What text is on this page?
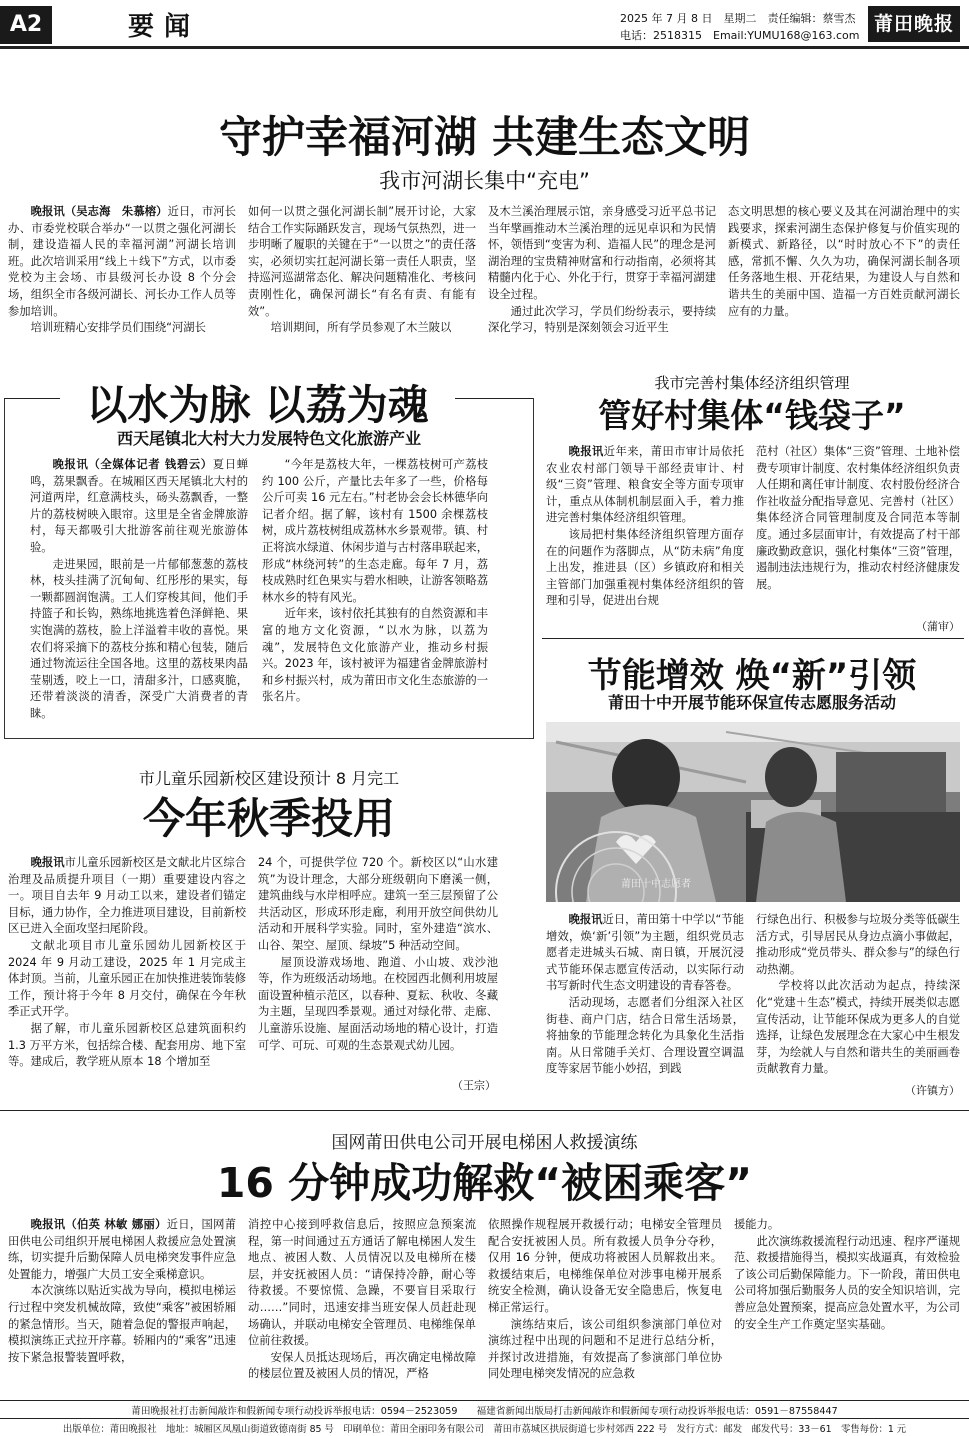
A2	要闻	2025 年 7 月 8 日　星期二　责任编辑：蔡雪杰
电话：2518315　Email:YUMU168@163.com
莆田晚报
守护幸福河湖 共建生态文明
我市河湖长集中“充电”

晚报讯（吴志海　朱慕榕）近日，市河长办、市委党校联合举办“一以贯之强化河湖长制，建设造福人民的幸福河湖”河湖长培训班。此次培训采用“线上＋线下”方式，以市委党校为主会场、市县级河长办设 8 个分会场，组织全市各级河湖长、河长办工作人员等参加培训。

培训班精心安排学员们围绕“河湖长

如何一以贯之强化河湖长制”展开讨论，大家结合工作实际踊跃发言，现场气氛热烈，进一步明晰了履职的关键在于“一以贯之”的责任落实，必须切实扛起河湖长第一责任人职责，坚持巡河巡湖常态化、解决问题精准化、考核问责刚性化，确保河湖长“有名有责、有能有效”。

培训期间，所有学员参观了木兰陂以

及木兰溪治理展示馆，亲身感受习近平总书记当年擘画推动木兰溪治理的远见卓识和为民情怀，领悟到“变害为利、造福人民”的理念是河湖治理的宝贵精神财富和行动指南，必须将其精髓内化于心、外化于行，贯穿于幸福河湖建设全过程。

通过此次学习，学员们纷纷表示，要持续深化学习，特别是深刻领会习近平生

态文明思想的核心要义及其在河湖治理中的实践要求，探索河湖生态保护修复与价值实现的新模式、新路径，以“时时放心不下”的责任感，常抓不懈、久久为功，确保河湖长制各项任务落地生根、开花结果，为建设人与自然和谐共生的美丽中国、造福一方百姓贡献河湖长应有的力量。

以水为脉 以荔为魂
西天尾镇北大村大力发展特色文化旅游产业

晚报讯（全媒体记者 钱碧云）夏日蝉鸣，荔果飘香。在城厢区西天尾镇北大村的河道两岸，红意满枝头，砀头荔飘香，一整片的荔枝树映入眼帘。这里是全省金牌旅游村，每天都吸引大批游客前往观光旅游体验。

走进果园，眼前是一片郁郁葱葱的荔枝林，枝头挂满了沉甸甸、红彤彤的果实，每一颗都圆润饱满。工人们穿梭其间，他们手持篮子和长钩，熟练地挑选着色泽鲜艳、果实饱满的荔枝，脸上洋溢着丰收的喜悦。果农们将采摘下的荔枝分拣和精心包装，随后通过物流运往全国各地。这里的荔枝果肉晶莹剔透，咬上一口，清甜多汁，口感爽脆，还带着淡淡的清香，深受广大消费者的青睐。

“今年是荔枝大年，一棵荔枝树可产荔枝约 100 公斤，产量比去年多了一些，价格每公斤可卖 16 元左右。”村老协会会长林德华向记者介绍。据了解，该村有 1500 余棵荔枝树，成片荔枝树组成荔林水乡景观带。镇、村正将滨水绿道、休闲步道与古村落串联起来，形成“林绕河转”的生态走廊。每年 7 月，荔枝成熟时红色果实与碧水相映，让游客领略荔林水乡的特有风光。

近年来，该村依托其独有的自然资源和丰富的地方文化资源，“以水为脉，以荔为魂”，发展特色文化旅游产业，推动乡村振兴。2023 年，该村被评为福建省金牌旅游村和乡村振兴村，成为莆田市文化生态旅游的一张名片。

我市完善村集体经济组织管理
管好村集体“钱袋子”

晚报讯近年来，莆田市审计局依托农业农村部门领导干部经责审计、村级“三资”管理、粮食安全等方面专项审计，重点从体制机制层面入手，着力推进完善村集体经济组织管理。

该局把村集体经济组织管理方面存在的问题作为落脚点，从“防未病”角度上出发，推进县（区）乡镇政府和相关主管部门加强重视村集体经济组织的管理和引导，促进出台规

范村（社区）集体“三资”管理、土地补偿费专项审计制度、农村集体经济组织负责人任期和离任审计制度、农村股份经济合作社收益分配指导意见、完善村（社区）集体经济合同管理制度及合同范本等制度。通过多层面审计，有效提高了村干部廉政勤政意识，强化村集体“三资”管理，遏制违法违规行为，推动农村经济健康发展。

（蒲审）
节能增效 焕“新”引领
莆田十中开展节能环保宣传志愿服务活动
莆田十中志愿者

晚报讯近日，莆田第十中学以“节能增效，焕‘新’引领”为主题，组织党员志愿者走进城头石城、南日镇，开展沉浸式节能环保志愿宣传活动，以实际行动书写新时代生态文明建设的青春答卷。

活动现场，志愿者们分组深入社区街巷、商户门店，结合日常生活场景，将抽象的节能理念转化为具象化生活指南。从日常随手关灯、合理设置空调温度等家居节能小妙招，到践

行绿色出行、积极参与垃圾分类等低碳生活方式，引导居民从身边点滴小事做起，推动形成“党员带头、群众参与”的绿色行动热潮。

学校将以此次活动为起点，持续深化“党建＋生态”模式，持续开展类似志愿宣传活动，让节能环保成为更多人的自觉选择，让绿色发展理念在大家心中生根发芽，为绘就人与自然和谐共生的美丽画卷贡献教育力量。

（许镇方）
市儿童乐园新校区建设预计 8 月完工
今年秋季投用

晚报讯市儿童乐园新校区是文献北片区综合治理及品质提升项目（一期）重要建设内容之一。项目自去年 9 月动工以来，建设者们锚定目标，通力协作，全力推进项目建设，目前新校区已进入全面攻坚扫尾阶段。

文献北项目市儿童乐园幼儿园新校区于 2024 年 9 月动工建设，2025 年 1 月完成主体封顶。当前，儿童乐园正在加快推进装饰装修工作，预计将于今年 8 月交付，确保在今年秋季正式开学。

据了解，市儿童乐园新校区总建筑面积约 1.3 万平方米，包括综合楼、配套用房、地下室等。建成后，教学班从原本 18 个增加至

24 个，可提供学位 720 个。新校区以“山水建筑”为设计理念，大部分班级朝向下磨溪一侧，建筑曲线与水岸相呼应。建筑一至三层预留了公共活动区，形成环形走廊，利用开放空间供幼儿活动和开展科学实验。同时，室外建造“滨水、山谷、架空、屋顶、绿坡”5 种活动空间。

屋顶设游戏场地、跑道、小山坡、戏沙池等，作为班级活动场地。在校园西北侧利用坡屋面设置种植示范区，以春种、夏耘、秋收、冬藏为主题，呈现四季景观。通过对绿化带、走廊、儿童游乐设施、屋面活动场地的精心设计，打造可学、可玩、可观的生态景观式幼儿园。

（王宗）
国网莆田供电公司开展电梯困人救援演练
16 分钟成功解救“被困乘客”

晚报讯（伯英 林敏 娜丽）近日，国网莆田供电公司组织开展电梯困人救援应急处置演练，切实提升后勤保障人员电梯突发事件应急处置能力，增强广大员工安全乘梯意识。

本次演练以贴近实战为导向，模拟电梯运行过程中突发机械故障，致使“乘客”被困轿厢的紧急情形。当天，随着急促的警报声响起，模拟演练正式拉开序幕。轿厢内的“乘客”迅速按下紧急报警装置呼救，

消控中心接到呼救信息后，按照应急预案流程，第一时间通过五方通话了解电梯困人发生地点、被困人数、人员情况以及电梯所在楼层，并安抚被困人员：“请保持冷静，耐心等待救援。不要惊慌、急躁，不要盲目采取行动……”同时，迅速安排当班安保人员赶赴现场确认，并联动电梯安全管理员、电梯维保单位前往救援。

安保人员抵达现场后，再次确定电梯故障的楼层位置及被困人员的情况，严格

依照操作规程展开救援行动；电梯安全管理员配合安抚被困人员。所有救援人员争分夺秒，仅用 16 分钟，便成功将被困人员解救出来。救援结束后，电梯维保单位对涉事电梯开展系统安全检测，确认设备无安全隐患后，恢复电梯正常运行。

演练结束后，该公司组织参演部门单位对演练过程中出现的问题和不足进行总结分析，并探讨改进措施，有效提高了参演部门单位协同处理电梯突发情况的应急救

援能力。

此次演练救援流程行动迅速、程序严谨规范、救援措施得当，模拟实战逼真，有效检验了该公司后勤保障能力。下一阶段，莆田供电公司将加强后勤服务人员的安全知识培训，完善应急处置预案，提高应急处置水平，为公司的安全生产工作奠定坚实基础。

莆田晚报社打击新闻敲诈和假新闻专项行动投诉举报电话：0594－2523059　　福建省新闻出版局打击新闻敲诈和假新闻专项行动投诉举报电话：0591－87558447
出版单位：莆田晚报社　地址：城厢区凤凰山街道致德南街 85 号　印刷单位：莆田全丽印务有限公司　莆田市荔城区拱辰街道七步村郊西 222 号　发行方式：邮发　邮发代号：33－61　零售每份：1 元
